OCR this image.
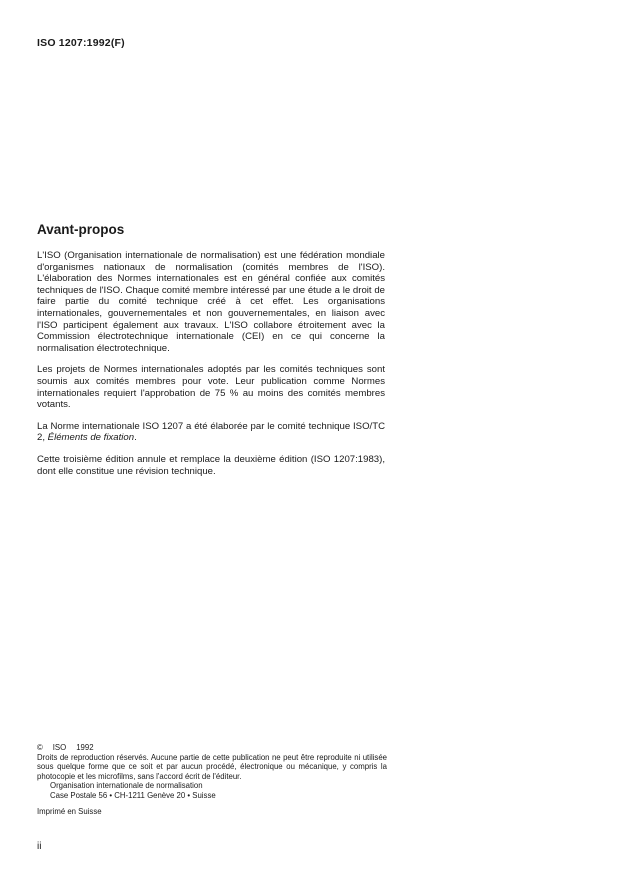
ISO 1207:1992(F)
Avant-propos

L'ISO (Organisation internationale de normalisation) est une fédération mondiale d'organismes nationaux de normalisation (comités membres de l'ISO). L'élaboration des Normes internationales est en général confiée aux comités techniques de l'ISO. Chaque comité membre intéressé par une étude a le droit de faire partie du comité technique créé à cet effet. Les organisations internationales, gouvernementales et non gouvernementales, en liaison avec l'ISO participent également aux travaux. L'ISO collabore étroitement avec la Commission électrotechnique internationale (CEI) en ce qui concerne la normalisation électrotechnique.

Les projets de Normes internationales adoptés par les comités techniques sont soumis aux comités membres pour vote. Leur publication comme Normes internationales requiert l'approbation de 75 % au moins des comités membres votants.

La Norme internationale ISO 1207 a été élaborée par le comité technique ISO/TC 2, Éléments de fixation.

Cette troisième édition annule et remplace la deuxième édition (ISO 1207:1983), dont elle constitue une révision technique.

© ISO 1992
Droits de reproduction réservés. Aucune partie de cette publication ne peut être reproduite ni utilisée sous quelque forme que ce soit et par aucun procédé, électronique ou mécanique, y compris la photocopie et les microfilms, sans l'accord écrit de l'éditeur.
Organisation internationale de normalisation
Case Postale 56 • CH-1211 Genève 20 • Suisse
Imprimé en Suisse
ii
